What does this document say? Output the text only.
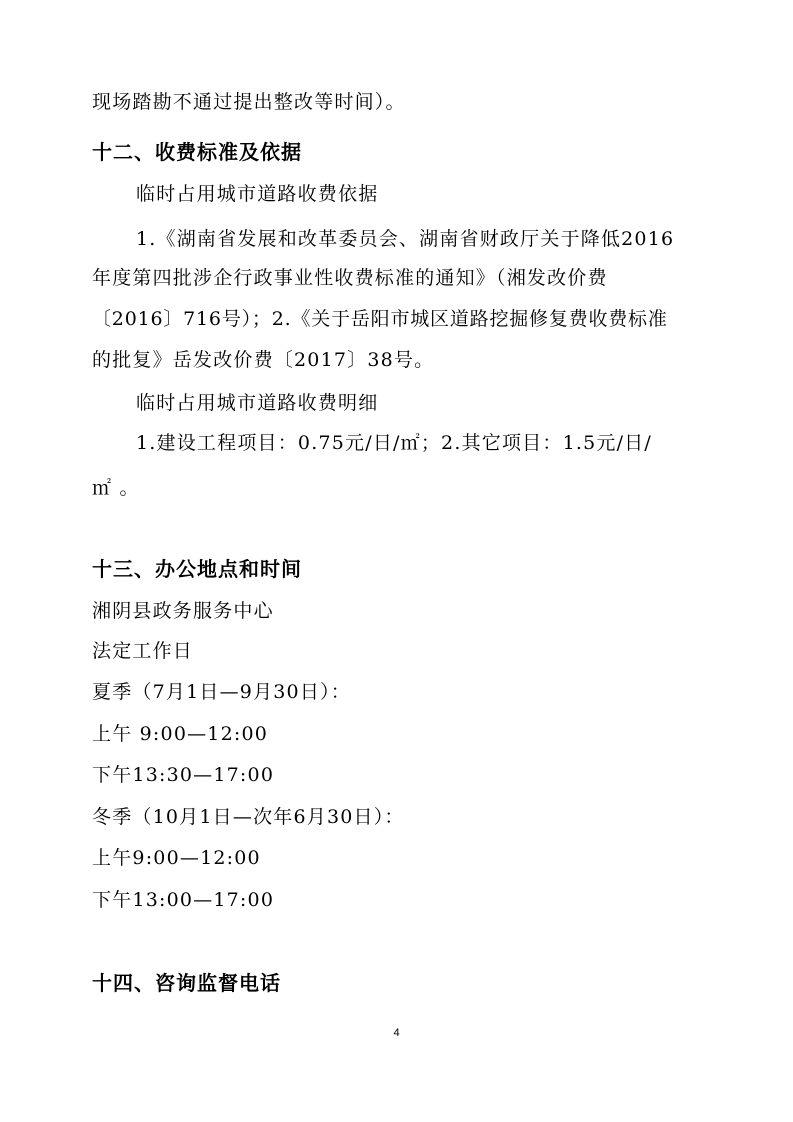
现场踏勘不通过提出整改等时间）。
十二、收费标准及依据
临时占用城市道路收费依据
1.《湖南省发展和改革委员会、湖南省财政厅关于降低2016
年度第四批涉企行政事业性收费标准的通知》（湘发改价费
〔2016〕716号）；2.《关于岳阳市城区道路挖掘修复费收费标准
的批复》岳发改价费〔2017〕38号。
临时占用城市道路收费明细
1.建设工程项目：0.75元/日/㎡；2.其它项目：1.5元/日/
㎡ 。
十三、办公地点和时间
湘阴县政务服务中心
法定工作日
夏季（7月1日—9月30日）：
上午 9:00—12:00
下午13:30—17:00
冬季（10月1日—次年6月30日）：
上午9:00—12:00
下午13:00—17:00
十四、咨询监督电话
4
